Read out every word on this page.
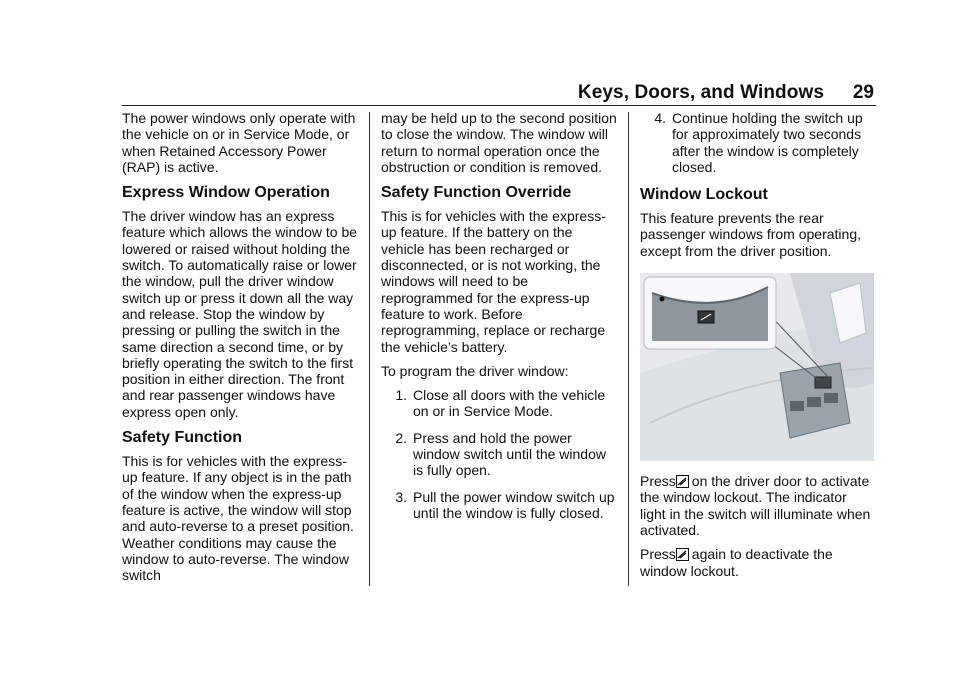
Keys, Doors, and Windows 29

The power windows only operate with the vehicle on or in Service Mode, or when Retained Accessory Power (RAP) is active.

Express Window Operation

The driver window has an express feature which allows the window to be lowered or raised without holding the switch. To automatically raise or lower the window, pull the driver window switch up or press it down all the way and release. Stop the window by pressing or pulling the switch in the same direction a second time, or by briefly operating the switch to the first position in either direction. The front and rear passenger windows have express open only.

Safety Function

This is for vehicles with the express-up feature. If any object is in the path of the window when the express-up feature is active, the window will stop and auto-reverse to a preset position. Weather conditions may cause the window to auto-reverse. The window switch

may be held up to the second position to close the window. The window will return to normal operation once the obstruction or condition is removed.

Safety Function Override

This is for vehicles with the express-up feature. If the battery on the vehicle has been recharged or disconnected, or is not working, the windows will need to be reprogrammed for the express-up feature to work. Before reprogramming, replace or recharge the vehicle’s battery.

To program the driver window:

1. Close all doors with the vehicle on or in Service Mode.
2. Press and hold the power window switch until the window is fully open.
3. Pull the power window switch up until the window is fully closed.
4. Continue holding the switch up for approximately two seconds after the window is completely closed.
Window Lockout

This feature prevents the rear passenger windows from operating, except from the driver position.

Press on the driver door to activate the window lockout. The indicator light in the switch will illuminate when activated.

Press again to deactivate the window lockout.
